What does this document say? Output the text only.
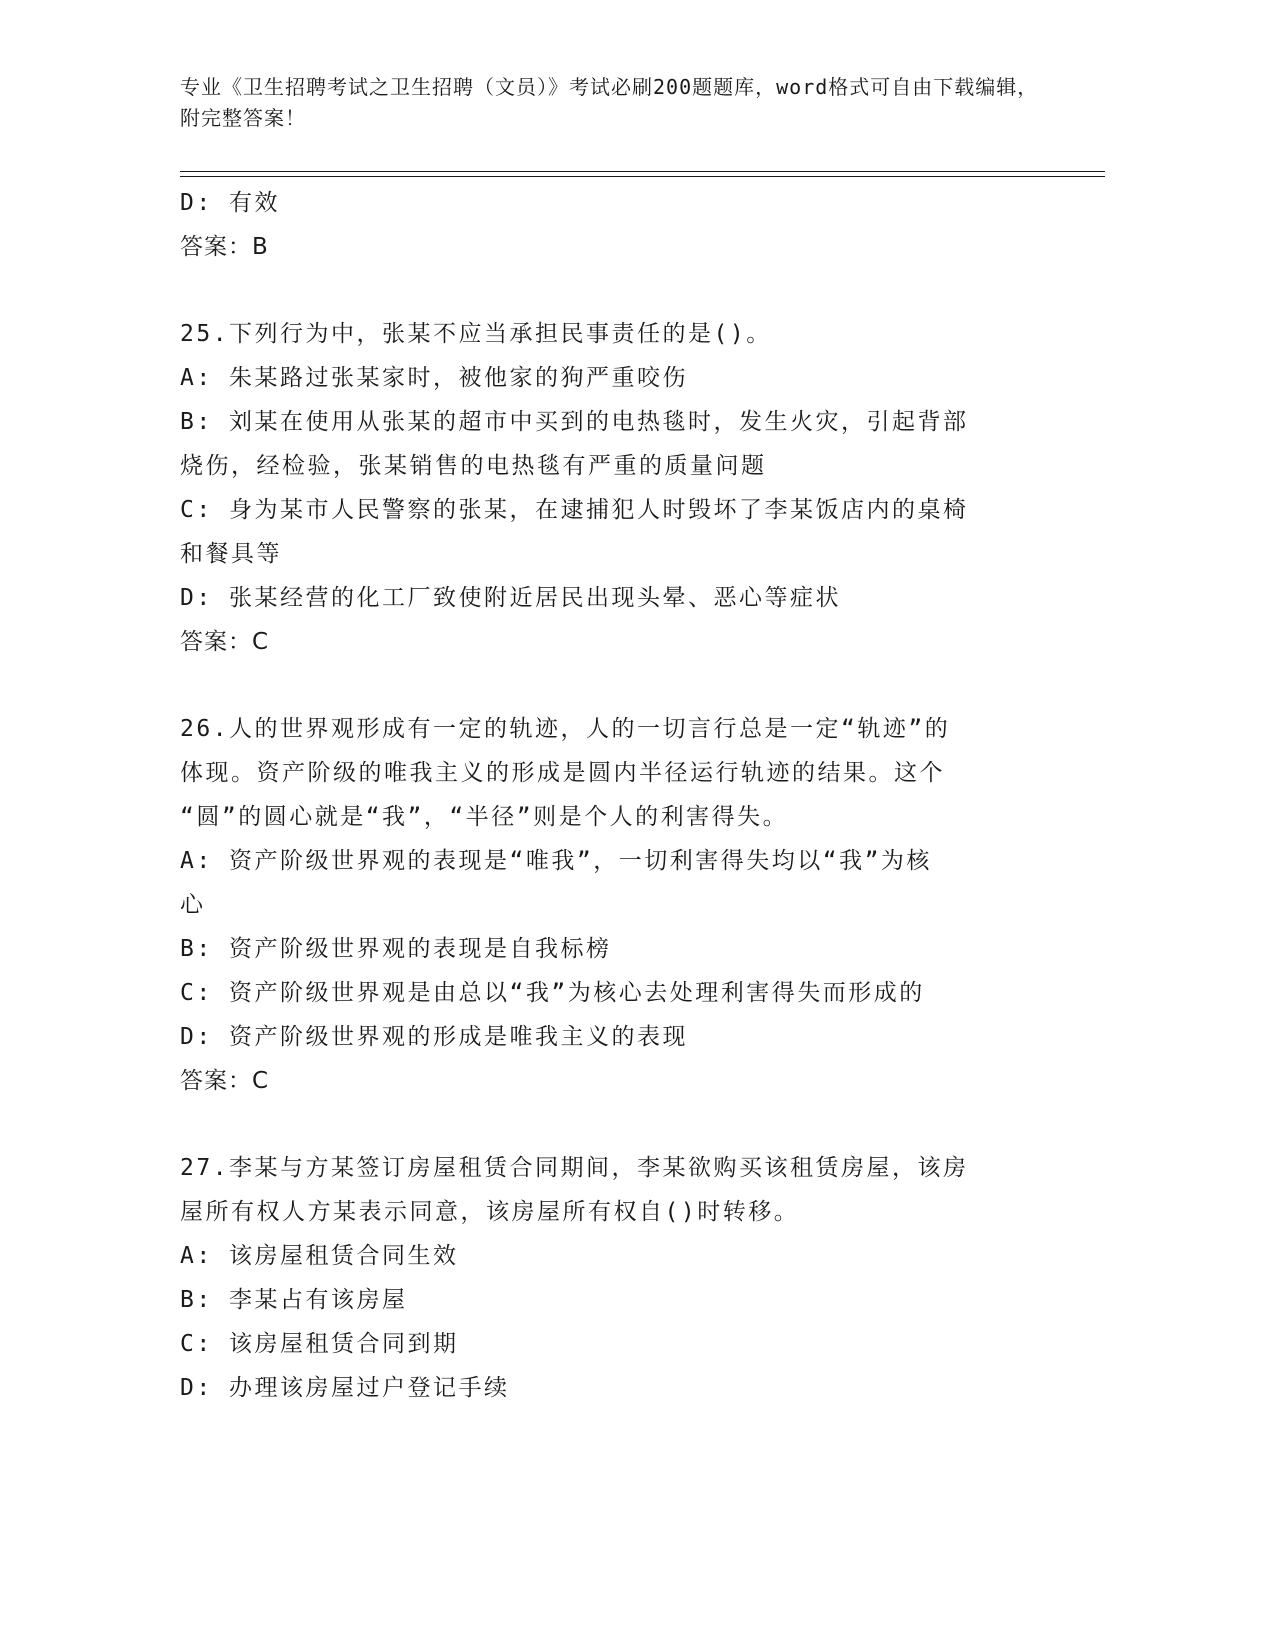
专业《卫生招聘考试之卫生招聘（文员）》考试必刷200题题库，word格式可自由下载编辑，附完整答案！
D: 有效
答案：B
25.下列行为中，张某不应当承担民事责任的是()。
A: 朱某路过张某家时，被他家的狗严重咬伤
B: 刘某在使用从张某的超市中买到的电热毯时，发生火灾，引起背部
烧伤，经检验，张某销售的电热毯有严重的质量问题
C: 身为某市人民警察的张某，在逮捕犯人时毁坏了李某饭店内的桌椅
和餐具等
D: 张某经营的化工厂致使附近居民出现头晕、恶心等症状
答案：C
26.人的世界观形成有一定的轨迹，人的一切言行总是一定“轨迹”的
体现。资产阶级的唯我主义的形成是圆内半径运行轨迹的结果。这个
“圆”的圆心就是“我”，“半径”则是个人的利害得失。
A: 资产阶级世界观的表现是“唯我”，一切利害得失均以“我”为核
心
B: 资产阶级世界观的表现是自我标榜
C: 资产阶级世界观是由总以“我”为核心去处理利害得失而形成的
D: 资产阶级世界观的形成是唯我主义的表现
答案：C
27.李某与方某签订房屋租赁合同期间，李某欲购买该租赁房屋，该房
屋所有权人方某表示同意，该房屋所有权自()时转移。
A: 该房屋租赁合同生效
B: 李某占有该房屋
C: 该房屋租赁合同到期
D: 办理该房屋过户登记手续
